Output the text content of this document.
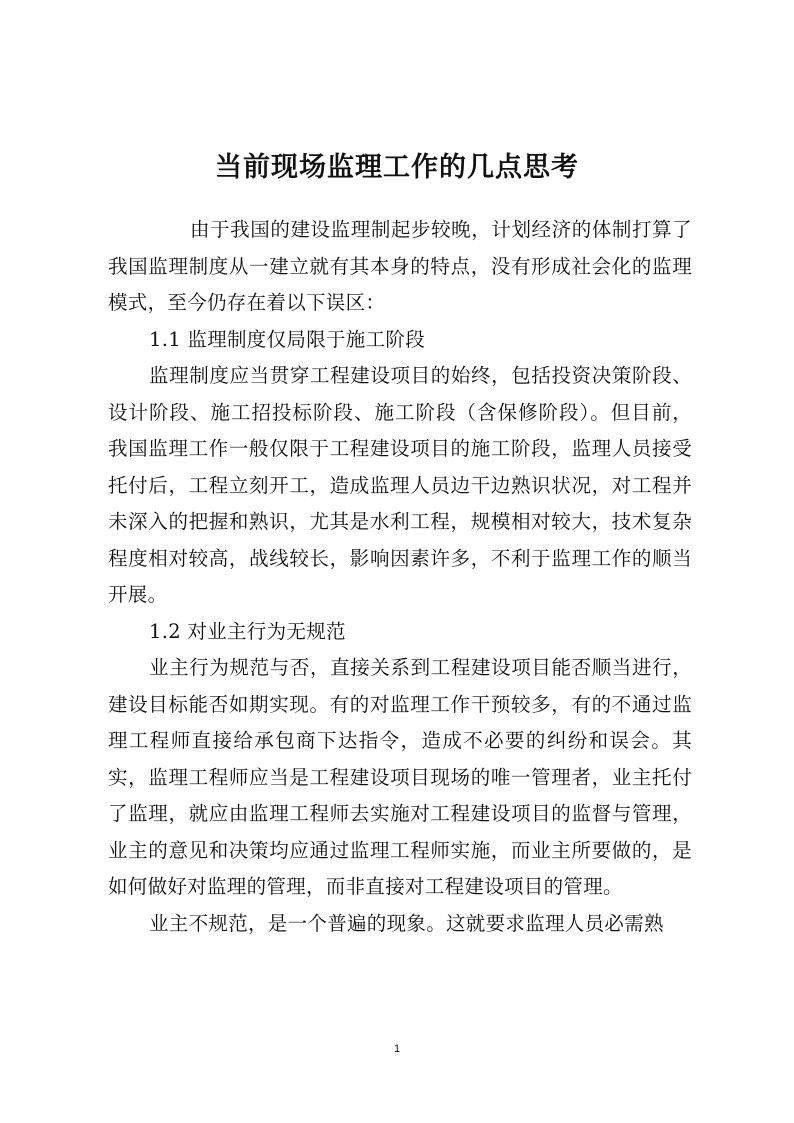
当前现场监理工作的几点思考

由于我国的建设监理制起步较晚，计划经济的体制打算了我国监理制度从一建立就有其本身的特点，没有形成社会化的监理模式，至今仍存在着以下误区：

1.1 监理制度仅局限于施工阶段

监理制度应当贯穿工程建设项目的始终，包括投资决策阶段、设计阶段、施工招投标阶段、施工阶段（含保修阶段）。但目前，我国监理工作一般仅限于工程建设项目的施工阶段，监理人员接受托付后，工程立刻开工，造成监理人员边干边熟识状况，对工程并未深入的把握和熟识，尤其是水利工程，规模相对较大，技术复杂程度相对较高，战线较长，影响因素许多，不利于监理工作的顺当开展。

1.2 对业主行为无规范

业主行为规范与否，直接关系到工程建设项目能否顺当进行，建设目标能否如期实现。有的对监理工作干预较多，有的不通过监理工程师直接给承包商下达指令，造成不必要的纠纷和误会。其实，监理工程师应当是工程建设项目现场的唯一管理者，业主托付了监理，就应由监理工程师去实施对工程建设项目的监督与管理，业主的意见和决策均应通过监理工程师实施，而业主所要做的，是如何做好对监理的管理，而非直接对工程建设项目的管理。

业主不规范，是一个普遍的现象。这就要求监理人员必需熟

1
